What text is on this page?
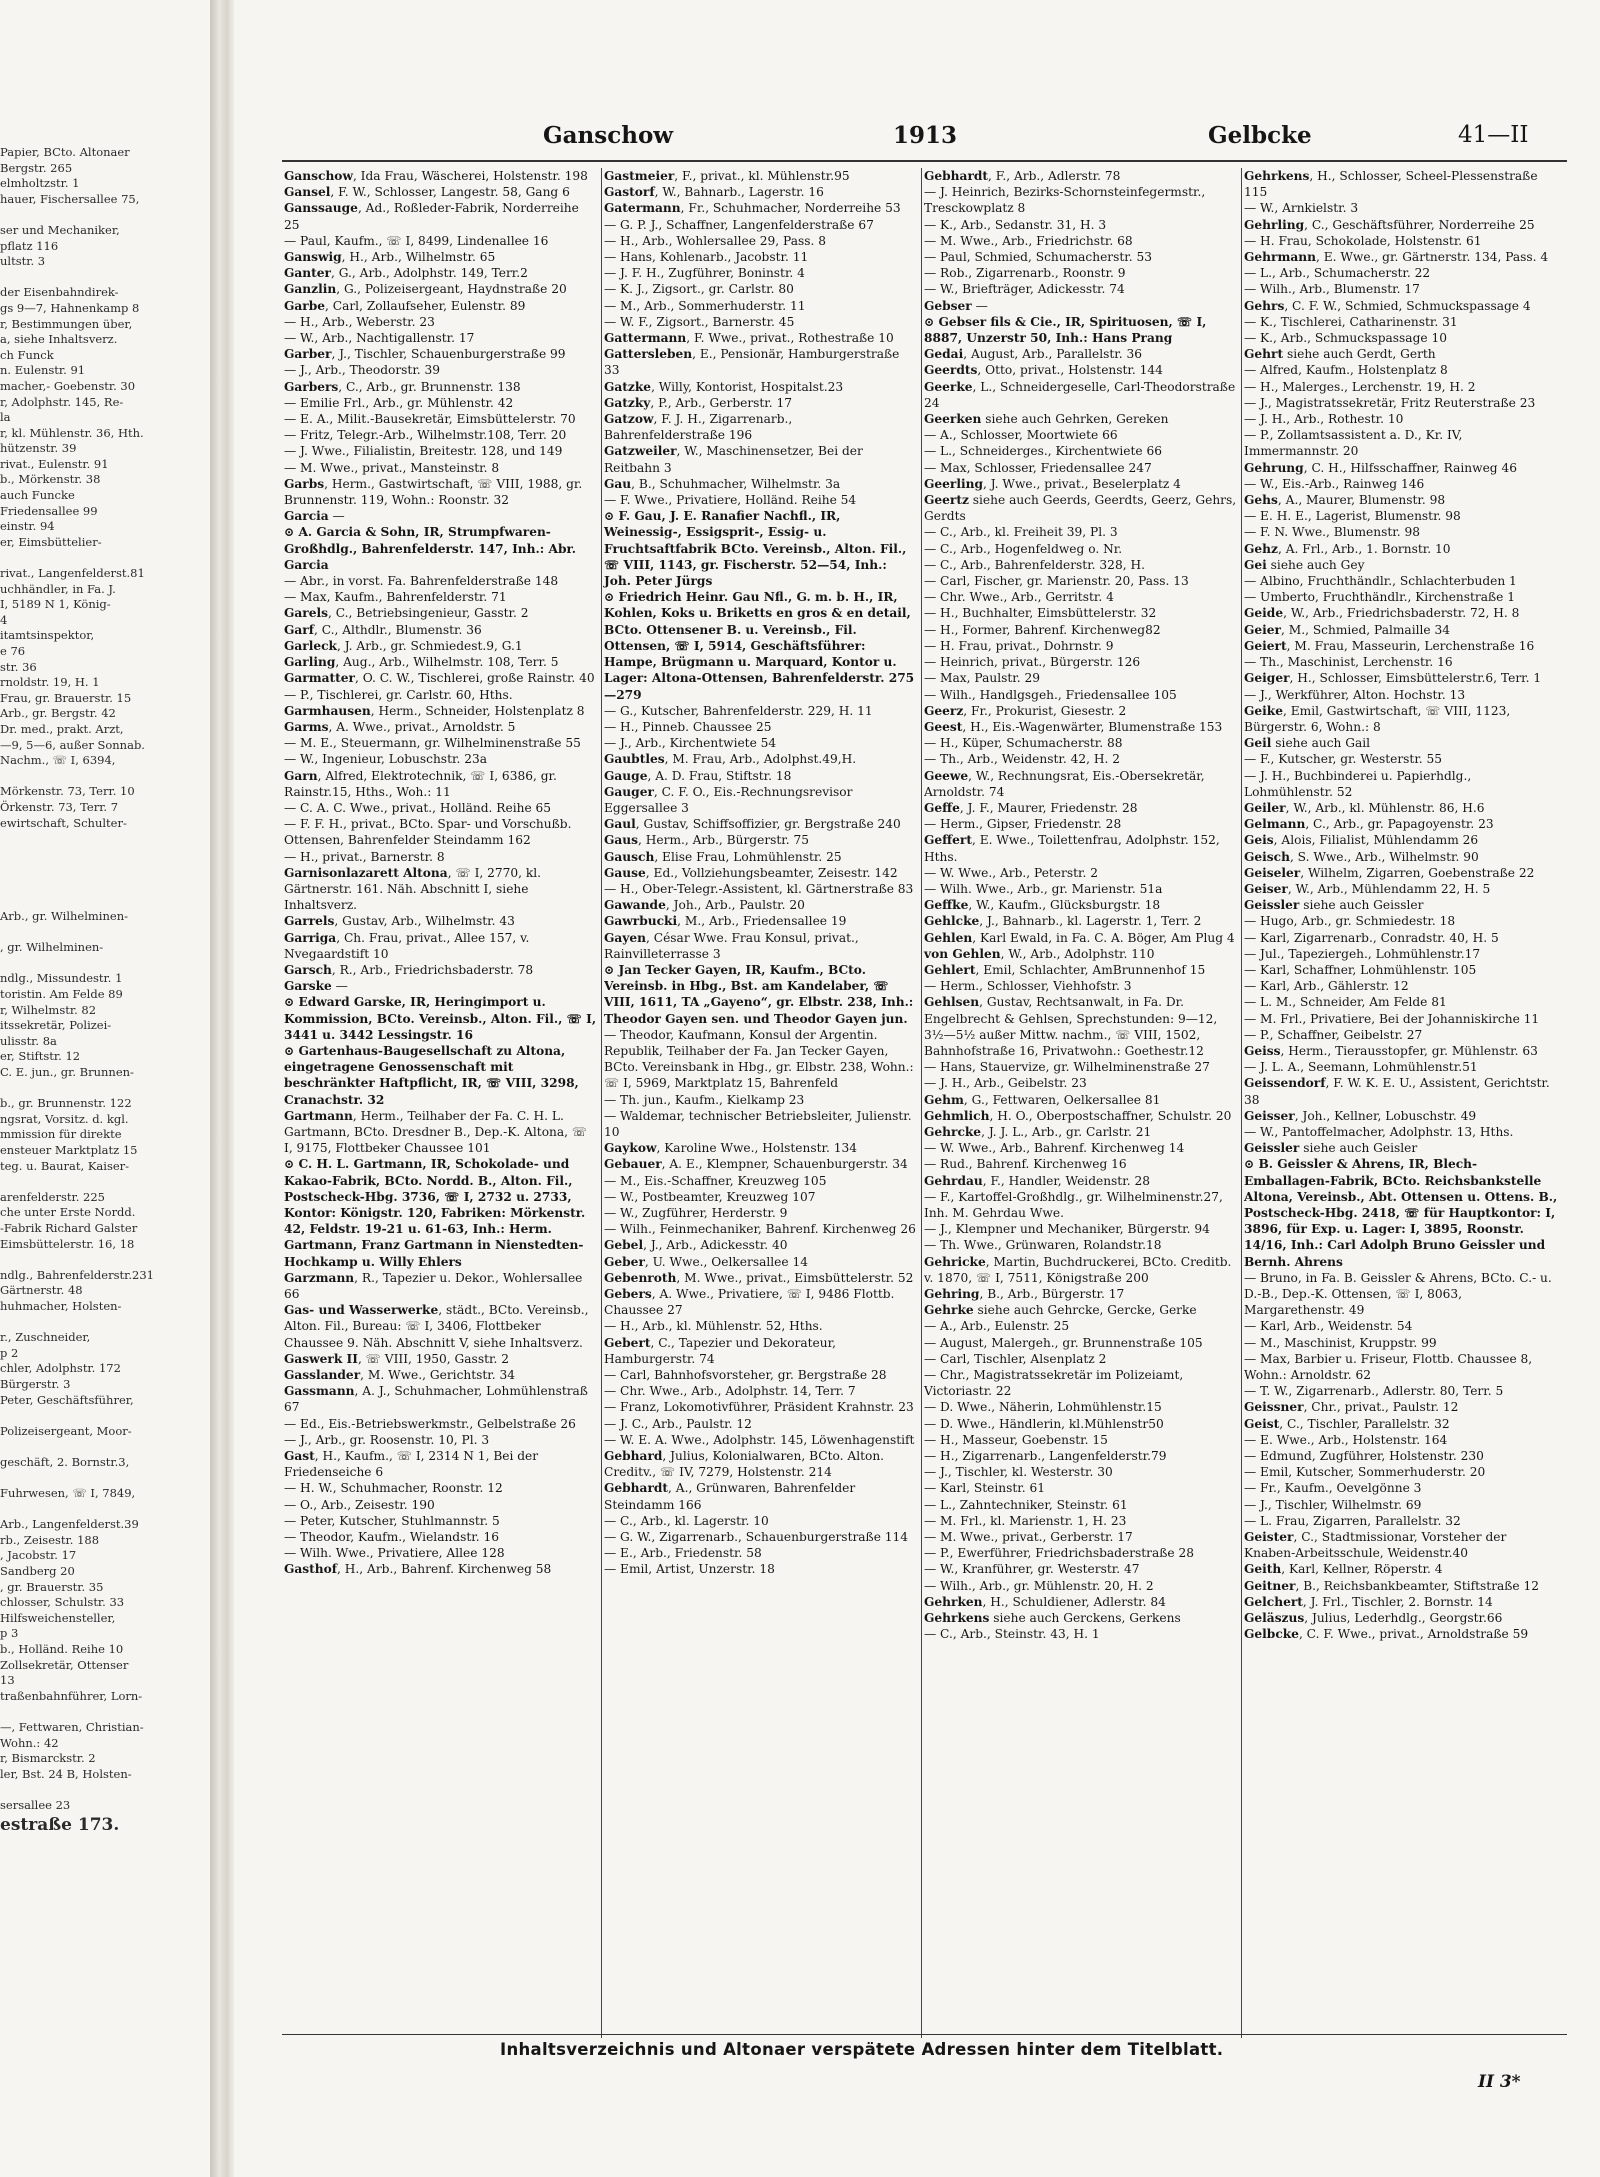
Papier, BCto. Altonaer
Bergstr. 265
elmholtzstr. 1
hauer, Fischersallee 75,
ser und Mechaniker,
pflatz 116
ultstr. 3
der Eisenbahndirek-
gs 9—7, Hahnenkamp 8
r, Bestimmungen über,
a, siehe Inhaltsverz.
ch Funck
n. Eulenstr. 91
macher,- Goebenstr. 30
r, Adolphstr. 145, Re-
la
r, kl. Mühlenstr. 36, Hth.
hützenstr. 39
rivat., Eulenstr. 91
b., Mörkenstr. 38
auch Funcke
Friedensallee 99
einstr. 94
er, Eimsbüttelier-
rivat., Langenfelderst.81
uchhändler, in Fa. J.
I, 5189 N 1, König-
4
itamtsinspektor,
e 76
str. 36
rnoldstr. 19, H. 1
Frau, gr. Brauerstr. 15
Arb., gr. Bergstr. 42
Dr. med., prakt. Arzt,
—9, 5—6, außer Sonnab.
Nachm., ☏ I, 6394,
Mörkenstr. 73, Terr. 10
Örkenstr. 73, Terr. 7
ewirtschaft, Schulter-
Arb., gr. Wilhelminen-
, gr. Wilhelminen-
ndlg., Missundestr. 1
toristin. Am Felde 89
r, Wilhelmstr. 82
itssekretär, Polizei-
ulisstr. 8a
er, Stiftstr. 12
C. E. jun., gr. Brunnen-
b., gr. Brunnenstr. 122
ngsrat, Vorsitz. d. kgl.
mmission für direkte
ensteuer Marktplatz 15
teg. u. Baurat, Kaiser-
arenfelderstr. 225
che unter Erste Nordd.
-Fabrik Richard Galster
Eimsbüttelerstr. 16, 18
ndlg., Bahrenfelderstr.231
Gärtnerstr. 48
huhmacher, Holsten-
r., Zuschneider,
p 2
chler, Adolphstr. 172
Bürgerstr. 3
Peter, Geschäftsführer,
Polizeisergeant, Moor-
geschäft, 2. Bornstr.3,
Fuhrwesen, ☏ I, 7849,
Arb., Langenfelderst.39
rb., Zeisestr. 188
, Jacobstr. 17
Sandberg 20
, gr. Brauerstr. 35
chlosser, Schulstr. 33
Hilfsweichensteller,
p 3
b., Holländ. Reihe 10
Zollsekretär, Ottenser
13
traßenbahnführer, Lorn-
—, Fettwaren, Christian-
Wohn.: 42
r, Bismarckstr. 2
ler, Bst. 24 B, Holsten-
sersallee 23
estraße 173.
Ganschow	1913	Gelbcke	41—II
Ganschow, Ida Frau, Wäscherei, Holstenstr. 198
Gansel, F. W., Schlosser, Langestr. 58, Gang 6
Ganssauge, Ad., Roßleder-Fabrik, Norderreihe 25
— Paul, Kaufm., ☏ I, 8499, Lindenallee 16
Ganswig, H., Arb., Wilhelmstr. 65
Ganter, G., Arb., Adolphstr. 149, Terr.2
Ganzlin, G., Polizeisergeant, Haydnstraße 20
Garbe, Carl, Zollaufseher, Eulenstr. 89
— H., Arb., Weberstr. 23
— W., Arb., Nachtigallenstr. 17
Garber, J., Tischler, Schauenburgerstraße 99
— J., Arb., Theodorstr. 39
Garbers, C., Arb., gr. Brunnenstr. 138
— Emilie Frl., Arb., gr. Mühlenstr. 42
— E. A., Milit.-Bausekretär, Eimsbüttelerstr. 70
— Fritz, Telegr.-Arb., Wilhelmstr.108, Terr. 20
— J. Wwe., Filialistin, Breitestr. 128, und 149
— M. Wwe., privat., Mansteinstr. 8
Garbs, Herm., Gastwirtschaft, ☏ VIII, 1988, gr. Brunnenstr. 119, Wohn.: Roonstr. 32
Garcia —
⊙ A. Garcia & Sohn, IR, Strumpfwaren-Großhdlg., Bahrenfelderstr. 147, Inh.: Abr. Garcia
— Abr., in vorst. Fa. Bahrenfelderstraße 148
— Max, Kaufm., Bahrenfelderstr. 71
Garels, C., Betriebsingenieur, Gasstr. 2
Garf, C., Althdlr., Blumenstr. 36
Garleck, J. Arb., gr. Schmiedest.9, G.1
Garling, Aug., Arb., Wilhelmstr. 108, Terr. 5
Garmatter, O. C. W., Tischlerei, große Rainstr. 40
— P., Tischlerei, gr. Carlstr. 60, Hths.
Garmhausen, Herm., Schneider, Holstenplatz 8
Garms, A. Wwe., privat., Arnoldstr. 5
— M. E., Steuermann, gr. Wilhelminenstraße 55
— W., Ingenieur, Lobuschstr. 23a
Garn, Alfred, Elektrotechnik, ☏ I, 6386, gr. Rainstr.15, Hths., Woh.: 11
— C. A. C. Wwe., privat., Holländ. Reihe 65
— F. F. H., privat., BCto. Spar- und Vorschußb. Ottensen, Bahrenfelder Steindamm 162
— H., privat., Barnerstr. 8
Garnisonlazarett Altona, ☏ I, 2770, kl. Gärtnerstr. 161. Näh. Abschnitt I, siehe Inhaltsverz.
Garrels, Gustav, Arb., Wilhelmstr. 43
Garriga, Ch. Frau, privat., Allee 157, v. Nvegaardstift 10
Garsch, R., Arb., Friedrichsbaderstr. 78
Garske —
⊙ Edward Garske, IR, Heringimport u. Kommission, BCto. Vereinsb., Alton. Fil., ☏ I, 3441 u. 3442 Lessingstr. 16
⊙ Gartenhaus-Baugesellschaft zu Altona, eingetragene Genossenschaft mit beschränkter Haftpflicht, IR, ☏ VIII, 3298, Cranachstr. 32
Gartmann, Herm., Teilhaber der Fa. C. H. L. Gartmann, BCto. Dresdner B., Dep.-K. Altona, ☏ I, 9175, Flottbeker Chaussee 101
⊙ C. H. L. Gartmann, IR, Schokolade- und Kakao-Fabrik, BCto. Nordd. B., Alton. Fil., Postscheck-Hbg. 3736, ☏ I, 2732 u. 2733, Kontor: Königstr. 120, Fabriken: Mörkenstr. 42, Feldstr. 19-21 u. 61-63, Inh.: Herm. Gartmann, Franz Gartmann in Nienstedten-Hochkamp u. Willy Ehlers
Garzmann, R., Tapezier u. Dekor., Wohlersallee 66
Gas- und Wasserwerke, städt., BCto. Vereinsb., Alton. Fil., Bureau: ☏ I, 3406, Flottbeker Chaussee 9. Näh. Abschnitt V, siehe Inhaltsverz.
Gaswerk II, ☏ VIII, 1950, Gasstr. 2
Gasslander, M. Wwe., Gerichtstr. 34
Gassmann, A. J., Schuhmacher, Lohmühlenstraß 67
— Ed., Eis.-Betriebswerkmstr., Gelbelstraße 26
— J., Arb., gr. Roosenstr. 10, Pl. 3
Gast, H., Kaufm., ☏ I, 2314 N 1, Bei der Friedenseiche 6
— H. W., Schuhmacher, Roonstr. 12
— O., Arb., Zeisestr. 190
— Peter, Kutscher, Stuhlmannstr. 5
— Theodor, Kaufm., Wielandstr. 16
— Wilh. Wwe., Privatiere, Allee 128
Gasthof, H., Arb., Bahrenf. Kirchenweg 58
Gastmeier, F., privat., kl. Mühlenstr.95
Gastorf, W., Bahnarb., Lagerstr. 16
Gatermann, Fr., Schuhmacher, Norderreihe 53
— G. P. J., Schaffner, Langenfelderstraße 67
— H., Arb., Wohlersallee 29, Pass. 8
— Hans, Kohlenarb., Jacobstr. 11
— J. F. H., Zugführer, Boninstr. 4
— K. J., Zigsort., gr. Carlstr. 80
— M., Arb., Sommerhuderstr. 11
— W. F., Zigsort., Barnerstr. 45
Gattermann, F. Wwe., privat., Rothestraße 10
Gattersleben, E., Pensionär, Hamburgerstraße 33
Gatzke, Willy, Kontorist, Hospitalst.23
Gatzky, P., Arb., Gerberstr. 17
Gatzow, F. J. H., Zigarrenarb., Bahrenfelderstraße 196
Gatzweiler, W., Maschinensetzer, Bei der Reitbahn 3
Gau, B., Schuhmacher, Wilhelmstr. 3a
— F. Wwe., Privatiere, Holländ. Reihe 54
⊙ F. Gau, J. E. Ranafier Nachfl., IR, Weinessig-, Essigsprit-, Essig- u. Fruchtsaftfabrik BCto. Vereinsb., Alton. Fil., ☏ VIII, 1143, gr. Fischerstr. 52—54, Inh.: Joh. Peter Jürgs
⊙ Friedrich Heinr. Gau Nfl., G. m. b. H., IR, Kohlen, Koks u. Briketts en gros & en detail, BCto. Ottensener B. u. Vereinsb., Fil. Ottensen, ☏ I, 5914, Geschäftsführer: Hampe, Brügmann u. Marquard, Kontor u. Lager: Altona-Ottensen, Bahrenfelderstr. 275—279
— G., Kutscher, Bahrenfelderstr. 229, H. 11
— H., Pinneb. Chaussee 25
— J., Arb., Kirchentwiete 54
Gaubtles, M. Frau, Arb., Adolphst.49,H.
Gauge, A. D. Frau, Stiftstr. 18
Gauger, C. F. O., Eis.-Rechnungsrevisor Eggersallee 3
Gaul, Gustav, Schiffsoffizier, gr. Bergstraße 240
Gaus, Herm., Arb., Bürgerstr. 75
Gausch, Elise Frau, Lohmühlenstr. 25
Gause, Ed., Vollziehungsbeamter, Zeisestr. 142
— H., Ober-Telegr.-Assistent, kl. Gärtnerstraße 83
Gawande, Joh., Arb., Paulstr. 20
Gawrbucki, M., Arb., Friedensallee 19
Gayen, César Wwe. Frau Konsul, privat., Rainvilleterrasse 3
⊙ Jan Tecker Gayen, IR, Kaufm., BCto. Vereinsb. in Hbg., Bst. am Kandelaber, ☏ VIII, 1611, TA „Gayeno“, gr. Elbstr. 238, Inh.: Theodor Gayen sen. und Theodor Gayen jun.
— Theodor, Kaufmann, Konsul der Argentin. Republik, Teilhaber der Fa. Jan Tecker Gayen, BCto. Vereinsbank in Hbg., gr. Elbstr. 238, Wohn.: ☏ I, 5969, Marktplatz 15, Bahrenfeld
— Th. jun., Kaufm., Kielkamp 23
— Waldemar, technischer Betriebsleiter, Julienstr. 10
Gaykow, Karoline Wwe., Holstenstr. 134
Gebauer, A. E., Klempner, Schauenburgerstr. 34
— M., Eis.-Schaffner, Kreuzweg 105
— W., Postbeamter, Kreuzweg 107
— W., Zugführer, Herderstr. 9
— Wilh., Feinmechaniker, Bahrenf. Kirchenweg 26
Gebel, J., Arb., Adickesstr. 40
Geber, U. Wwe., Oelkersallee 14
Gebenroth, M. Wwe., privat., Eimsbüttelerstr. 52
Gebers, A. Wwe., Privatiere, ☏ I, 9486 Flottb. Chaussee 27
— H., Arb., kl. Mühlenstr. 52, Hths.
Gebert, C., Tapezier und Dekorateur, Hamburgerstr. 74
— Carl, Bahnhofsvorsteher, gr. Bergstraße 28
— Chr. Wwe., Arb., Adolphstr. 14, Terr. 7
— Franz, Lokomotivführer, Präsident Krahnstr. 23
— J. C., Arb., Paulstr. 12
— W. E. A. Wwe., Adolphstr. 145, Löwenhagenstift
Gebhard, Julius, Kolonialwaren, BCto. Alton. Creditv., ☏ IV, 7279, Holstenstr. 214
Gebhardt, A., Grünwaren, Bahrenfelder Steindamm 166
— C., Arb., kl. Lagerstr. 10
— G. W., Zigarrenarb., Schauenburgerstraße 114
— E., Arb., Friedenstr. 58
— Emil, Artist, Unzerstr. 18
Gebhardt, F., Arb., Adlerstr. 78
— J. Heinrich, Bezirks-Schornsteinfegermstr., Tresckowplatz 8
— K., Arb., Sedanstr. 31, H. 3
— M. Wwe., Arb., Friedrichstr. 68
— Paul, Schmied, Schumacherstr. 53
— Rob., Zigarrenarb., Roonstr. 9
— W., Briefträger, Adickesstr. 74
Gebser —
⊙ Gebser fils & Cie., IR, Spirituosen, ☏ I, 8887, Unzerstr 50, Inh.: Hans Prang
Gedai, August, Arb., Parallelstr. 36
Geerdts, Otto, privat., Holstenstr. 144
Geerke, L., Schneidergeselle, Carl-Theodorstraße 24
Geerken siehe auch Gehrken, Gereken
— A., Schlosser, Moortwiete 66
— L., Schneiderges., Kirchentwiete 66
— Max, Schlosser, Friedensallee 247
Geerling, J. Wwe., privat., Beselerplatz 4
Geertz siehe auch Geerds, Geerdts, Geerz, Gehrs, Gerdts
— C., Arb., kl. Freiheit 39, Pl. 3
— C., Arb., Hogenfeldweg o. Nr.
— C., Arb., Bahrenfelderstr. 328, H.
— Carl, Fischer, gr. Marienstr. 20, Pass. 13
— Chr. Wwe., Arb., Gerritstr. 4
— H., Buchhalter, Eimsbüttelerstr. 32
— H., Former, Bahrenf. Kirchenweg82
— H. Frau, privat., Dohrnstr. 9
— Heinrich, privat., Bürgerstr. 126
— Max, Paulstr. 29
— Wilh., Handlgsgeh., Friedensallee 105
Geerz, Fr., Prokurist, Giesestr. 2
Geest, H., Eis.-Wagenwärter, Blumenstraße 153
— H., Küper, Schumacherstr. 88
— Th., Arb., Weidenstr. 42, H. 2
Geewe, W., Rechnungsrat, Eis.-Obersekretär, Arnoldstr. 74
Geffe, J. F., Maurer, Friedenstr. 28
— Herm., Gipser, Friedenstr. 28
Geffert, E. Wwe., Toilettenfrau, Adolphstr. 152, Hths.
— W. Wwe., Arb., Peterstr. 2
— Wilh. Wwe., Arb., gr. Marienstr. 51a
Geffke, W., Kaufm., Glücksburgstr. 18
Gehlcke, J., Bahnarb., kl. Lagerstr. 1, Terr. 2
Gehlen, Karl Ewald, in Fa. C. A. Böger, Am Plug 4
von Gehlen, W., Arb., Adolphstr. 110
Gehlert, Emil, Schlachter, AmBrunnenhof 15
— Herm., Schlosser, Viehhofstr. 3
Gehlsen, Gustav, Rechtsanwalt, in Fa. Dr. Engelbrecht & Gehlsen, Sprechstunden: 9—12, 3½—5½ außer Mittw. nachm., ☏ VIII, 1502, Bahnhofstraße 16, Privatwohn.: Goethestr.12
— Hans, Stauervize, gr. Wilhelminenstraße 27
— J. H., Arb., Geibelstr. 23
Gehm, G., Fettwaren, Oelkersallee 81
Gehmlich, H. O., Oberpostschaffner, Schulstr. 20
Gehrcke, J. J. L., Arb., gr. Carlstr. 21
— W. Wwe., Arb., Bahrenf. Kirchenweg 14
— Rud., Bahrenf. Kirchenweg 16
Gehrdau, F., Handler, Weidenstr. 28
— F., Kartoffel-Großhdlg., gr. Wilhelminenstr.27, Inh. M. Gehrdau Wwe.
— J., Klempner und Mechaniker, Bürgerstr. 94
— Th. Wwe., Grünwaren, Rolandstr.18
Gehricke, Martin, Buchdruckerei, BCto. Creditb. v. 1870, ☏ I, 7511, Königstraße 200
Gehring, B., Arb., Bürgerstr. 17
Gehrke siehe auch Gehrcke, Gercke, Gerke
— A., Arb., Eulenstr. 25
— August, Malergeh., gr. Brunnenstraße 105
— Carl, Tischler, Alsenplatz 2
— Chr., Magistratssekretär im Polizeiamt, Victoriastr. 22
— D. Wwe., Näherin, Lohmühlenstr.15
— D. Wwe., Händlerin, kl.Mühlenstr50
— H., Masseur, Goebenstr. 15
— H., Zigarrenarb., Langenfelderstr.79
— J., Tischler, kl. Westerstr. 30
— Karl, Steinstr. 61
— L., Zahntechniker, Steinstr. 61
— M. Frl., kl. Marienstr. 1, H. 23
— M. Wwe., privat., Gerberstr. 17
— P., Ewerführer, Friedrichsbaderstraße 28
— W., Kranführer, gr. Westerstr. 47
— Wilh., Arb., gr. Mühlenstr. 20, H. 2
Gehrken, H., Schuldiener, Adlerstr. 84
Gehrkens siehe auch Gerckens, Gerkens
— C., Arb., Steinstr. 43, H. 1
Gehrkens, H., Schlosser, Scheel-Plessenstraße 115
— W., Arnkielstr. 3
Gehrling, C., Geschäftsführer, Norderreihe 25
— H. Frau, Schokolade, Holstenstr. 61
Gehrmann, E. Wwe., gr. Gärtnerstr. 134, Pass. 4
— L., Arb., Schumacherstr. 22
— Wilh., Arb., Blumenstr. 17
Gehrs, C. F. W., Schmied, Schmuckspassage 4
— K., Tischlerei, Catharinenstr. 31
— K., Arb., Schmuckspassage 10
Gehrt siehe auch Gerdt, Gerth
— Alfred, Kaufm., Holstenplatz 8
— H., Malerges., Lerchenstr. 19, H. 2
— J., Magistratssekretär, Fritz Reuterstraße 23
— J. H., Arb., Rothestr. 10
— P., Zollamtsassistent a. D., Kr. IV, Immermannstr. 20
Gehrung, C. H., Hilfsschaffner, Rainweg 46
— W., Eis.-Arb., Rainweg 146
Gehs, A., Maurer, Blumenstr. 98
— E. H. E., Lagerist, Blumenstr. 98
— F. N. Wwe., Blumenstr. 98
Gehz, A. Frl., Arb., 1. Bornstr. 10
Gei siehe auch Gey
— Albino, Fruchthändlr., Schlachterbuden 1
— Umberto, Fruchthändlr., Kirchenstraße 1
Geide, W., Arb., Friedrichsbaderstr. 72, H. 8
Geier, M., Schmied, Palmaille 34
Geiert, M. Frau, Masseurin, Lerchenstraße 16
— Th., Maschinist, Lerchenstr. 16
Geiger, H., Schlosser, Eimsbüttelerstr.6, Terr. 1
— J., Werkführer, Alton. Hochstr. 13
Geike, Emil, Gastwirtschaft, ☏ VIII, 1123, Bürgerstr. 6, Wohn.: 8
Geil siehe auch Gail
— F., Kutscher, gr. Westerstr. 55
— J. H., Buchbinderei u. Papierhdlg., Lohmühlenstr. 52
Geiler, W., Arb., kl. Mühlenstr. 86, H.6
Gelmann, C., Arb., gr. Papagoyenstr. 23
Geis, Alois, Filialist, Mühlendamm 26
Geisch, S. Wwe., Arb., Wilhelmstr. 90
Geiseler, Wilhelm, Zigarren, Goebenstraße 22
Geiser, W., Arb., Mühlendamm 22, H. 5
Geissler siehe auch Geissler
— Hugo, Arb., gr. Schmiedestr. 18
— Karl, Zigarrenarb., Conradstr. 40, H. 5
— Jul., Tapeziergeh., Lohmühlenstr.17
— Karl, Schaffner, Lohmühlenstr. 105
— Karl, Arb., Gählerstr. 12
— L. M., Schneider, Am Felde 81
— M. Frl., Privatiere, Bei der Johanniskirche 11
— P., Schaffner, Geibelstr. 27
Geiss, Herm., Tierausstopfer, gr. Mühlenstr. 63
— J. L. A., Seemann, Lohmühlenstr.51
Geissendorf, F. W. K. E. U., Assistent, Gerichtstr. 38
Geisser, Joh., Kellner, Lobuschstr. 49
— W., Pantoffelmacher, Adolphstr. 13, Hths.
Geissler siehe auch Geisler
⊙ B. Geissler & Ahrens, IR, Blech-Emballagen-Fabrik, BCto. Reichsbankstelle Altona, Vereinsb., Abt. Ottensen u. Ottens. B., Postscheck-Hbg. 2418, ☏ für Hauptkontor: I, 3896, für Exp. u. Lager: I, 3895, Roonstr. 14/16, Inh.: Carl Adolph Bruno Geissler und Bernh. Ahrens
— Bruno, in Fa. B. Geissler & Ahrens, BCto. C.- u. D.-B., Dep.-K. Ottensen, ☏ I, 8063, Margarethenstr. 49
— Karl, Arb., Weidenstr. 54
— M., Maschinist, Kruppstr. 99
— Max, Barbier u. Friseur, Flottb. Chaussee 8, Wohn.: Arnoldstr. 62
— T. W., Zigarrenarb., Adlerstr. 80, Terr. 5
Geissner, Chr., privat., Paulstr. 12
Geist, C., Tischler, Parallelstr. 32
— E. Wwe., Arb., Holstenstr. 164
— Edmund, Zugführer, Holstenstr. 230
— Emil, Kutscher, Sommerhuderstr. 20
— Fr., Kaufm., Oevelgönne 3
— J., Tischler, Wilhelmstr. 69
— L. Frau, Zigarren, Parallelstr. 32
Geister, C., Stadtmissionar, Vorsteher der Knaben-Arbeitsschule, Weidenstr.40
Geith, Karl, Kellner, Röperstr. 4
Geitner, B., Reichsbankbeamter, Stiftstraße 12
Gelchert, J. Frl., Tischler, 2. Bornstr. 14
Geläszus, Julius, Lederhdlg., Georgstr.66
Gelbcke, C. F. Wwe., privat., Arnoldstraße 59
Inhaltsverzeichnis und Altonaer verspätete Adressen hinter dem Titelblatt.
II 3*
